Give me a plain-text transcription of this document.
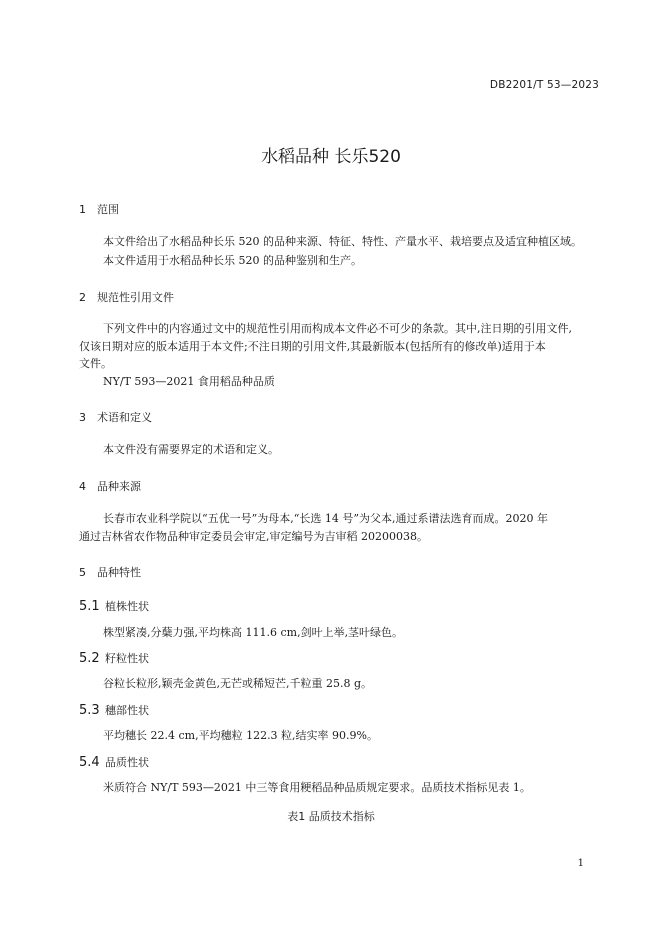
DB2201/T 53—2023
水稻品种 长乐520
1 范围
本文件给出了水稻品种长乐 520 的品种来源、特征、特性、产量水平、栽培要点及适宜种植区域。
本文件适用于水稻品种长乐 520 的品种鉴别和生产。
2 规范性引用文件
下列文件中的内容通过文中的规范性引用而构成本文件必不可少的条款。其中,注日期的引用文件,
仅该日期对应的版本适用于本文件;不注日期的引用文件,其最新版本(包括所有的修改单)适用于本
文件。
NY/T 593—2021 食用稻品种品质
3 术语和定义
本文件没有需要界定的术语和定义。
4 品种来源
长春市农业科学院以“五优一号”为母本,“长选 14 号”为父本,通过系谱法选育而成。2020 年
通过吉林省农作物品种审定委员会审定,审定编号为吉审稻 20200038。
5 品种特性
5.1 植株性状
株型紧凑,分蘖力强,平均株高 111.6 cm,剑叶上举,茎叶绿色。
5.2 籽粒性状
谷粒长粒形,颖壳金黄色,无芒或稀短芒,千粒重 25.8 g。
5.3 穗部性状
平均穗长 22.4 cm,平均穗粒 122.3 粒,结实率 90.9%。
5.4 品质性状
米质符合 NY/T 593—2021 中三等食用粳稻品种品质规定要求。品质技术指标见表 1。
表1 品质技术指标
1
